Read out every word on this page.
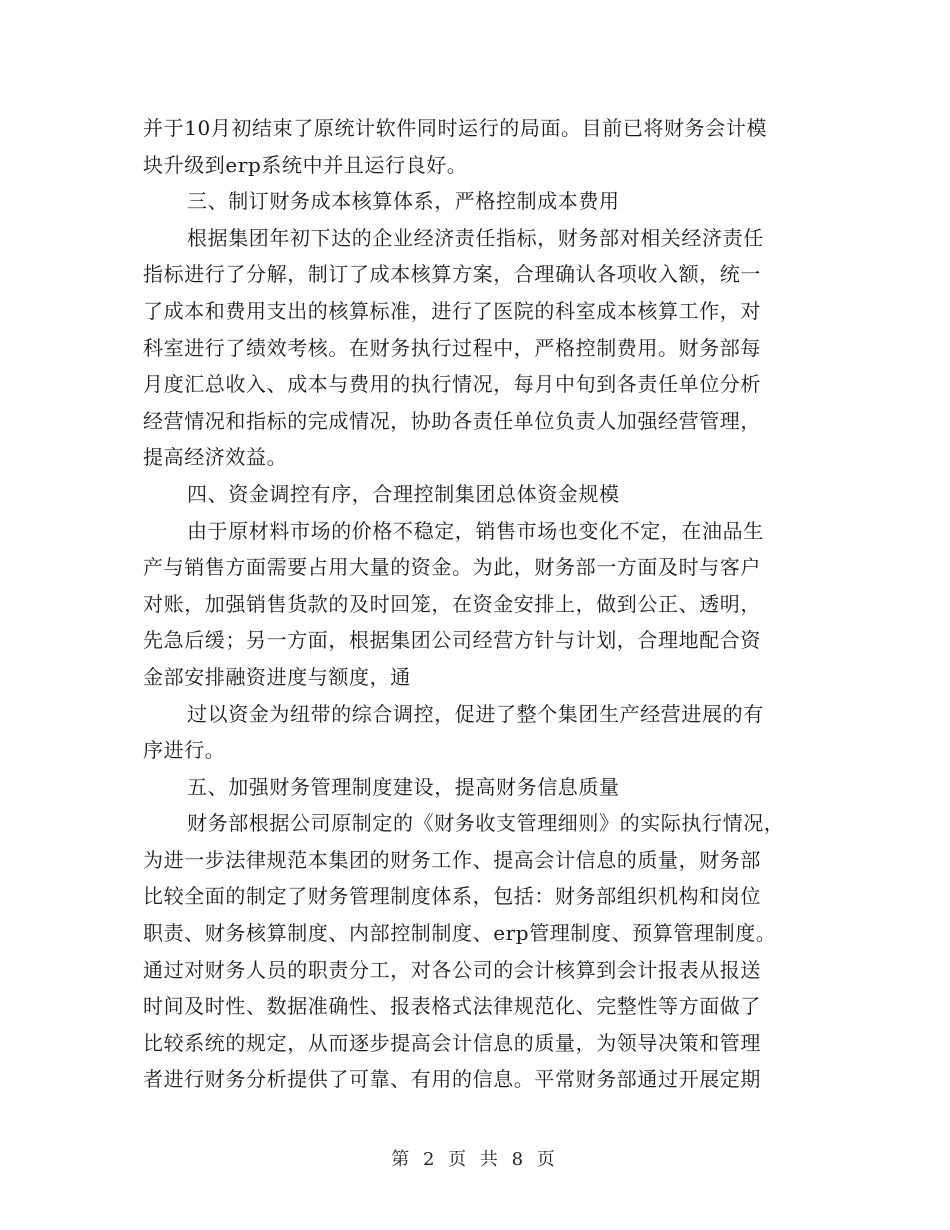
并于10月初结束了原统计软件同时运行的局面。目前已将财务会计模
块升级到erp系统中并且运行良好。
三、制订财务成本核算体系，严格控制成本费用
根据集团年初下达的企业经济责任指标，财务部对相关经济责任
指标进行了分解，制订了成本核算方案，合理确认各项收入额，统一
了成本和费用支出的核算标准，进行了医院的科室成本核算工作，对
科室进行了绩效考核。在财务执行过程中，严格控制费用。财务部每
月度汇总收入、成本与费用的执行情况，每月中旬到各责任单位分析
经营情况和指标的完成情况，协助各责任单位负责人加强经营管理，
提高经济效益。
四、资金调控有序，合理控制集团总体资金规模
由于原材料市场的价格不稳定，销售市场也变化不定，在油品生
产与销售方面需要占用大量的资金。为此，财务部一方面及时与客户
对账，加强销售货款的及时回笼，在资金安排上，做到公正、透明，
先急后缓；另一方面，根据集团公司经营方针与计划，合理地配合资
金部安排融资进度与额度，通
过以资金为纽带的综合调控，促进了整个集团生产经营进展的有
序进行。
五、加强财务管理制度建设，提高财务信息质量
财务部根据公司原制定的《财务收支管理细则》的实际执行情况，
为进一步法律规范本集团的财务工作、提高会计信息的质量，财务部
比较全面的制定了财务管理制度体系，包括：财务部组织机构和岗位
职责、财务核算制度、内部控制制度、erp管理制度、预算管理制度。
通过对财务人员的职责分工，对各公司的会计核算到会计报表从报送
时间及时性、数据准确性、报表格式法律规范化、完整性等方面做了
比较系统的规定，从而逐步提高会计信息的质量，为领导决策和管理
者进行财务分析提供了可靠、有用的信息。平常财务部通过开展定期
第 2 页 共 8 页
